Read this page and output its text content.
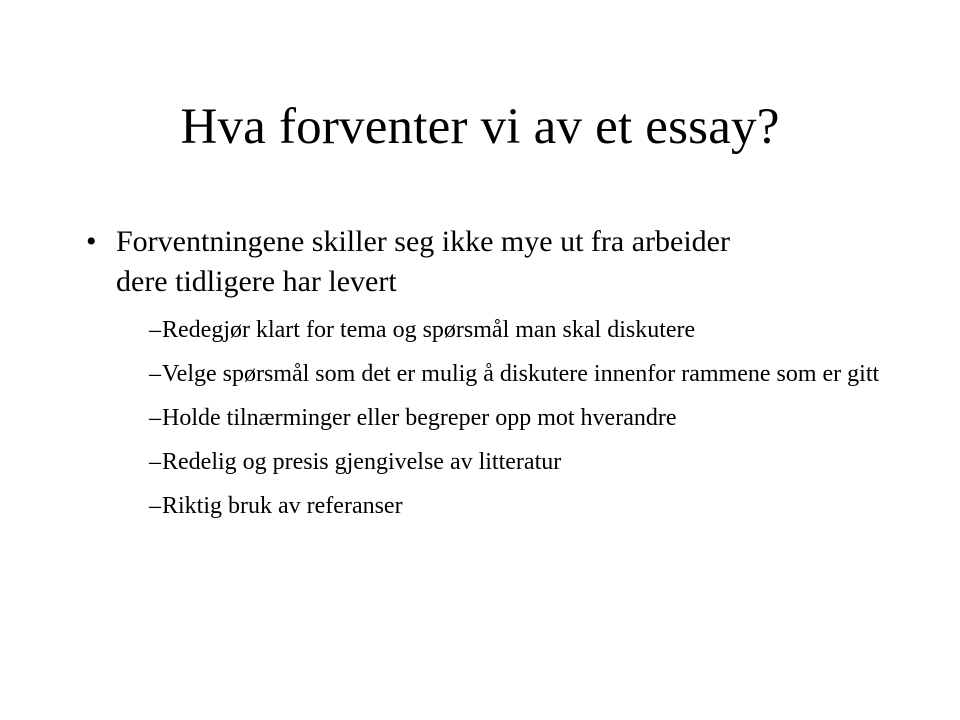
Hva forventer vi av et essay?
• Forventningene skiller seg ikke mye ut fra arbeider dere tidligere har levert
– Redegjør klart for tema og spørsmål man skal diskutere
– Velge spørsmål som det er mulig å diskutere innenfor rammene som er gitt
– Holde tilnærminger eller begreper opp mot hverandre
– Redelig og presis gjengivelse av litteratur
– Riktig bruk av referanser
